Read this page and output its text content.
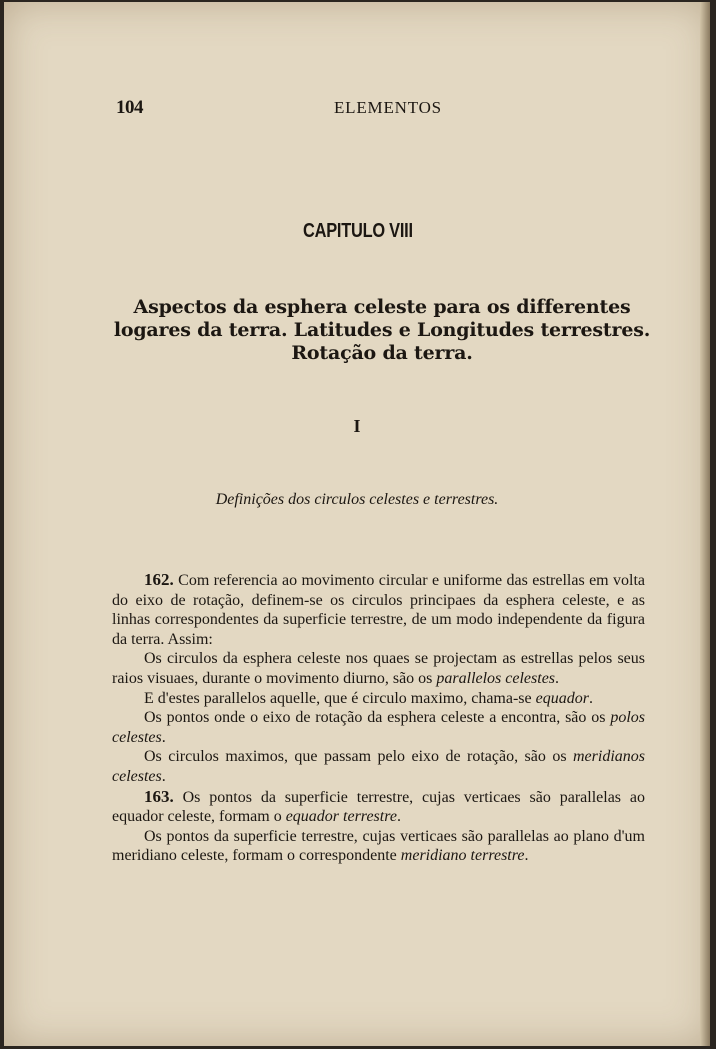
104	ELEMENTOS
CAPITULO VIII
Aspectos da esphera celeste para os differentes logares da terra. Latitudes e Longitudes terrestres. Rotação da terra.
I
Definições dos circulos celestes e terrestres.

162. Com referencia ao movimento circular e uniforme das estrellas em volta do eixo de rotação, definem-se os circulos principaes da esphera celeste, e as linhas correspondentes da superficie terrestre, de um modo independente da figura da terra. Assim:

Os circulos da esphera celeste nos quaes se projectam as estrellas pelos seus raios visuaes, durante o movimento diurno, são os parallelos celestes.

E d'estes parallelos aquelle, que é circulo maximo, chama-se equador.

Os pontos onde o eixo de rotação da esphera celeste a encontra, são os polos celestes.

Os circulos maximos, que passam pelo eixo de rotação, são os meridianos celestes.

163. Os pontos da superficie terrestre, cujas verticaes são parallelas ao equador celeste, formam o equador terrestre.

Os pontos da superficie terrestre, cujas verticaes são parallelas ao plano d'um meridiano celeste, formam o correspondente meridiano terrestre.
